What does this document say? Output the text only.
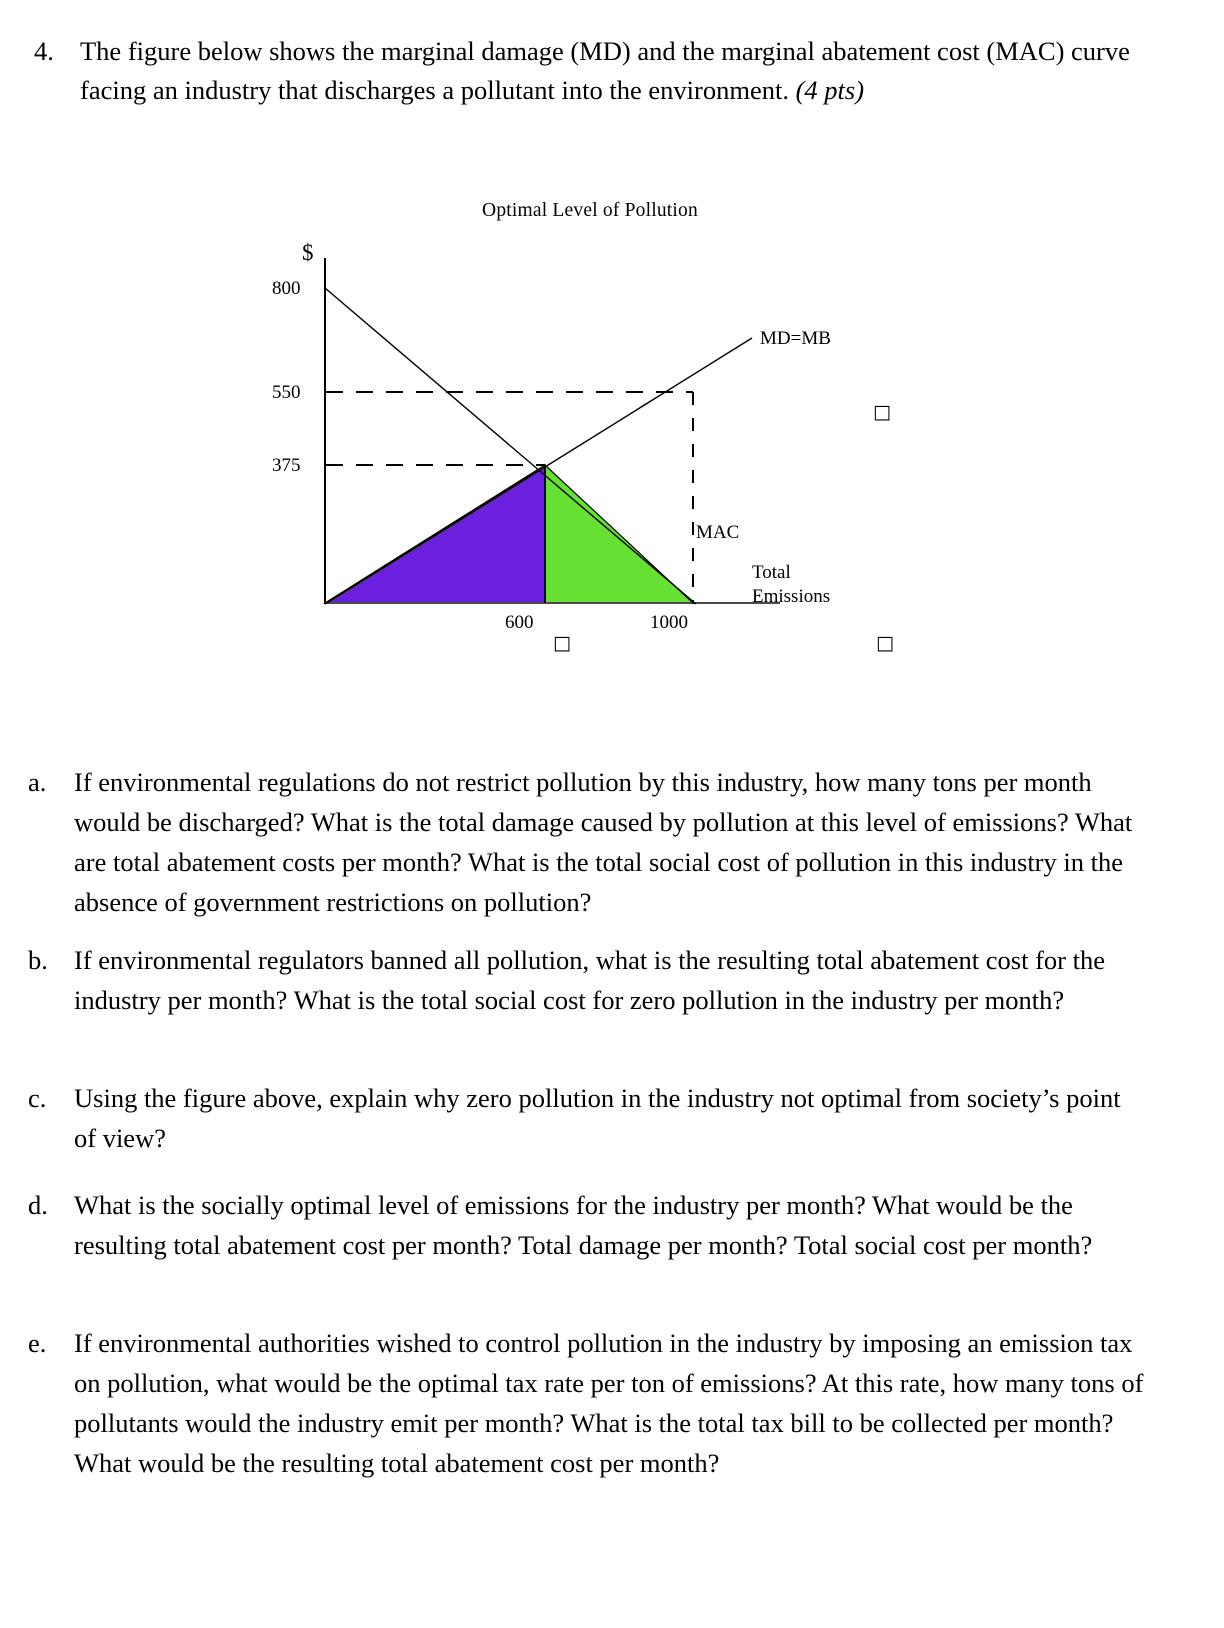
4. The figure below shows the marginal damage (MD) and the marginal abatement cost (MAC) curve facing an industry that discharges a pollutant into the environment. (4 pts)
Optimal Level of Pollution
$
800
550
375
600	1000
MD=MB
MAC
Total
Emissions
□
□	□
a.	If environmental regulations do not restrict pollution by this industry, how many tons per month would be discharged? What is the total damage caused by pollution at this level of emissions? What are total abatement costs per month? What is the total social cost of pollution in this industry in the absence of government restrictions on pollution?
b. If environmental regulators banned all pollution, what is the resulting total abatement cost for the industry per month? What is the total social cost for zero pollution in the industry per month?
c.	Using the figure above, explain why zero pollution in the industry not optimal from society’s point of view?
d. What is the socially optimal level of emissions for the industry per month? What would be the resulting total abatement cost per month? Total damage per month? Total social cost per month?
e.	If environmental authorities wished to control pollution in the industry by imposing an emission tax on pollution, what would be the optimal tax rate per ton of emissions? At this rate, how many tons of pollutants would the industry emit per month? What is the total tax bill to be collected per month? What would be the resulting total abatement cost per month?
